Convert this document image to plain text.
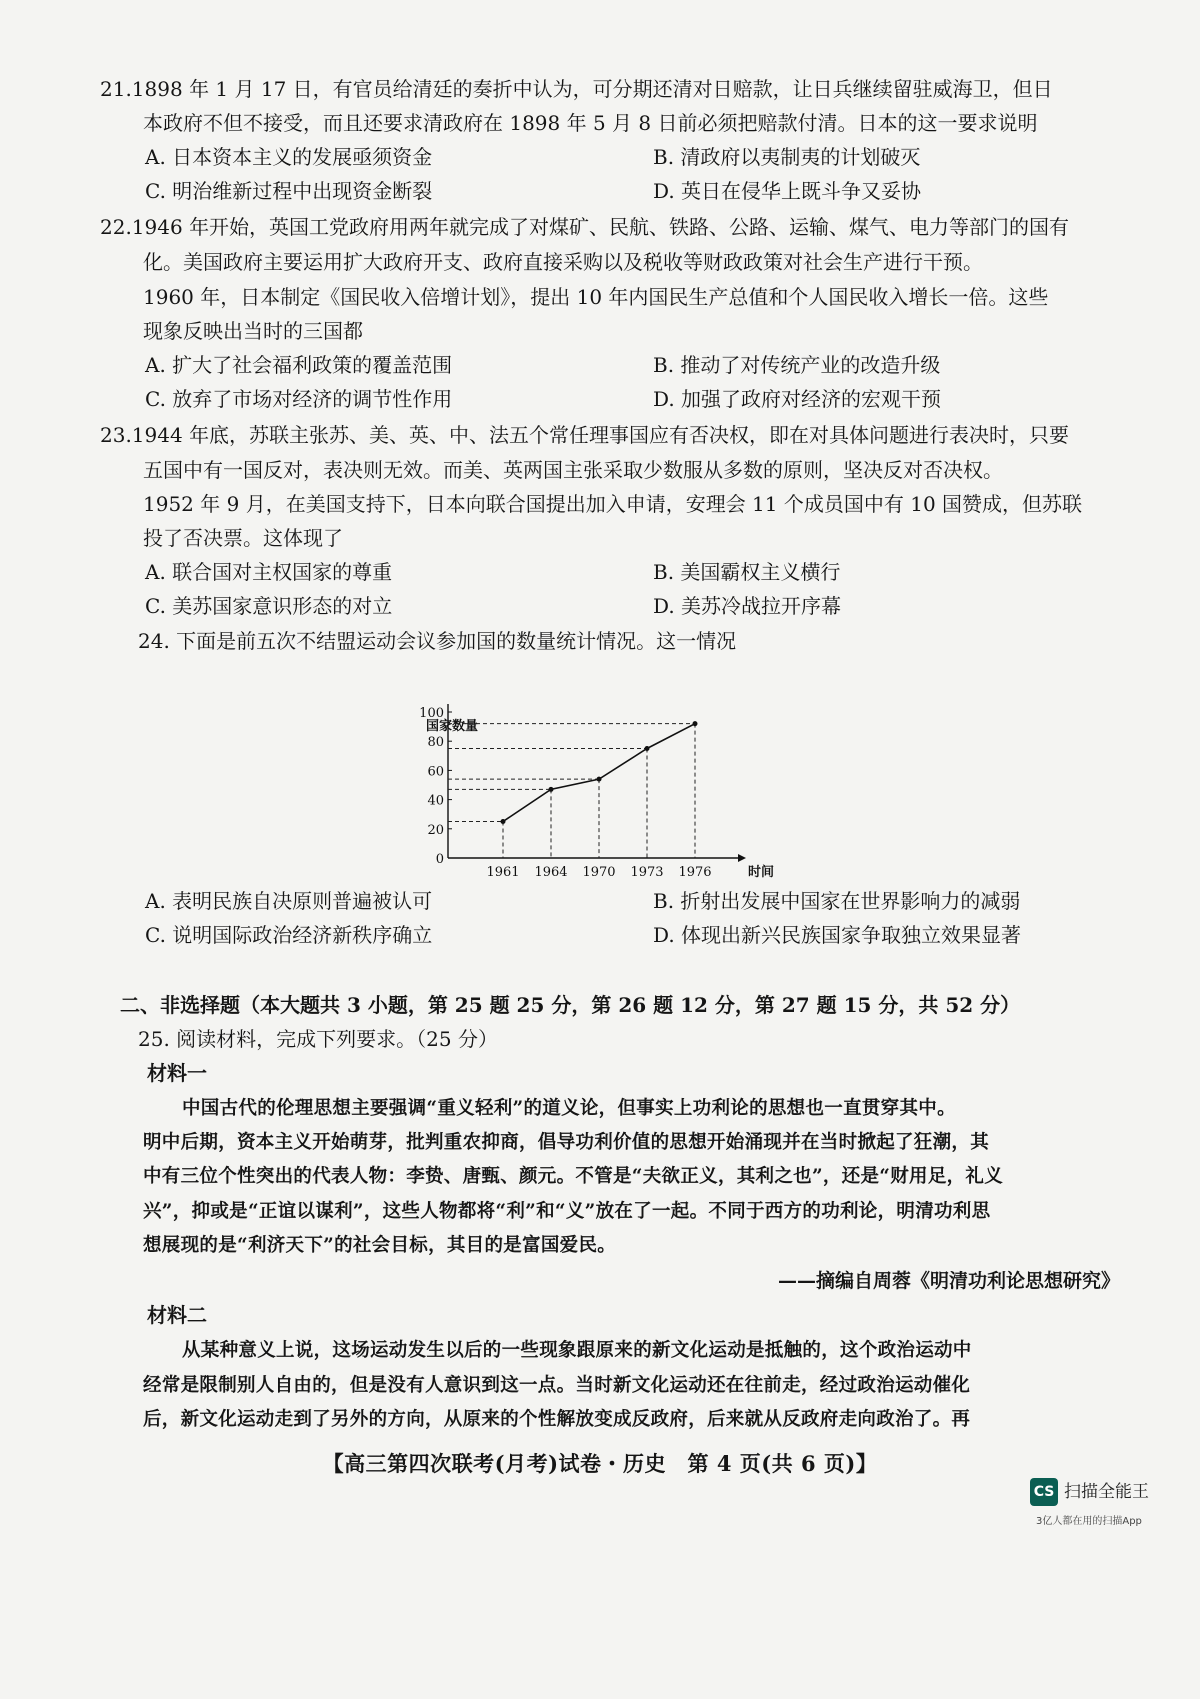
21.1898 年 1 月 17 日，有官员给清廷的奏折中认为，可分期还清对日赔款，让日兵继续留驻威海卫，但日
本政府不但不接受，而且还要求清政府在 1898 年 5 月 8 日前必须把赔款付清。日本的这一要求说明
A. 日本资本主义的发展亟须资金	B. 清政府以夷制夷的计划破灭
C. 明治维新过程中出现资金断裂	D. 英日在侵华上既斗争又妥协
22.1946 年开始，英国工党政府用两年就完成了对煤矿、民航、铁路、公路、运输、煤气、电力等部门的国有
化。美国政府主要运用扩大政府开支、政府直接采购以及税收等财政政策对社会生产进行干预。
1960 年，日本制定《国民收入倍增计划》，提出 10 年内国民生产总值和个人国民收入增长一倍。这些
现象反映出当时的三国都
A. 扩大了社会福利政策的覆盖范围	B. 推动了对传统产业的改造升级
C. 放弃了市场对经济的调节性作用	D. 加强了政府对经济的宏观干预
23.1944 年底，苏联主张苏、美、英、中、法五个常任理事国应有否决权，即在对具体问题进行表决时，只要
五国中有一国反对，表决则无效。而美、英两国主张采取少数服从多数的原则，坚决反对否决权。
1952 年 9 月，在美国支持下，日本向联合国提出加入申请，安理会 11 个成员国中有 10 国赞成，但苏联
投了否决票。这体现了
A. 联合国对主权国家的尊重	B. 美国霸权主义横行
C. 美苏国家意识形态的对立	D. 美苏冷战拉开序幕
24. 下面是前五次不结盟运动会议参加国的数量统计情况。这一情况
0
20
40
60
80
100
国家数量
1961 1964 1970 1973 1976	时间
A. 表明民族自决原则普遍被认可	B. 折射出发展中国家在世界影响力的减弱
C. 说明国际政治经济新秩序确立	D. 体现出新兴民族国家争取独立效果显著
二、非选择题（本大题共 3 小题，第 25 题 25 分，第 26 题 12 分，第 27 题 15 分，共 52 分）
25. 阅读材料，完成下列要求。（25 分）
材料一
中国古代的伦理思想主要强调“重义轻利”的道义论，但事实上功利论的思想也一直贯穿其中。
明中后期，资本主义开始萌芽，批判重农抑商，倡导功利价值的思想开始涌现并在当时掀起了狂潮，其
中有三位个性突出的代表人物：李贽、唐甄、颜元。不管是“夫欲正义，其利之也”，还是“财用足，礼义
兴”，抑或是“正谊以谋利”，这些人物都将“利”和“义”放在了一起。不同于西方的功利论，明清功利思
想展现的是“利济天下”的社会目标，其目的是富国爱民。
——摘编自周蓉《明清功利论思想研究》
材料二
从某种意义上说，这场运动发生以后的一些现象跟原来的新文化运动是抵触的，这个政治运动中
经常是限制别人自由的，但是没有人意识到这一点。当时新文化运动还在往前走，经过政治运动催化
后，新文化运动走到了另外的方向，从原来的个性解放变成反政府，后来就从反政府走向政治了。再
【高三第四次联考(月考)试卷・历史　第 4 页(共 6 页)】
CS 扫描全能王
3亿人都在用的扫描App
